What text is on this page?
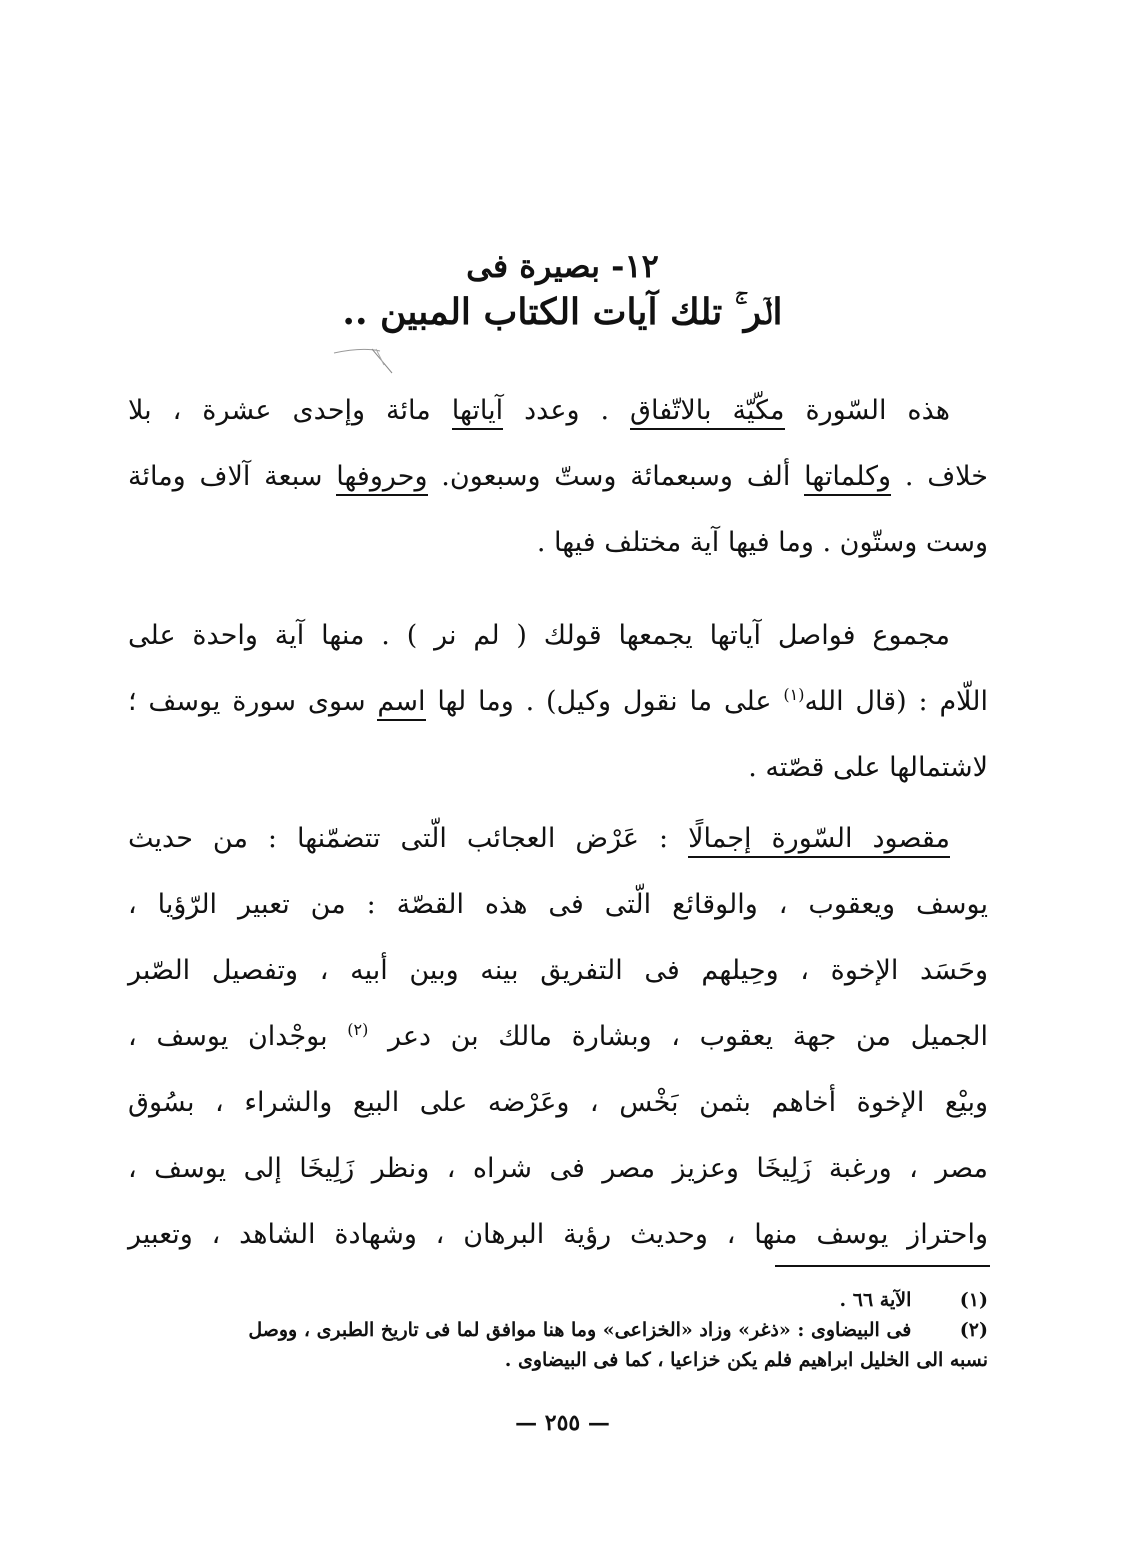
١٢- بصيرة فى
الۤر ۚ تلك آيات الكتاب المبين ..
هذه السّورة مكّيّة بالاتّفاق . وعدد آياتها مائة وإحدى عشرة ، بلا
خلاف . وكلماتها ألف وسبعمائة وستّ وسبعون. وحروفها سبعة آلاف ومائة
وست وستّون . وما فيها آية مختلف فيها .
مجموع فواصل آياتها يجمعها قولك ( لم نر ) . منها آية واحدة على
اللّام : (قال الله$^{(١)}$ على ما نقول وكيل) . وما لها اسم سوى سورة يوسف ؛
لاشتمالها على قصّته .
مقصود السّورة إجمالًا : عَرْض العجائب الّتى تتضمّنها : من حديث
يوسف ويعقوب ، والوقائع الّتى فى هذه القصّة : من تعبير الرّؤيا ،
وحَسَد الإخوة ، وحِيلهم فى التفريق بينه وبين أبيه ، وتفصيل الصّبر
الجميل من جهة يعقوب ، وبشارة مالك بن دعر $^{(٢)}$ بوجْدان يوسف ،
وبيْع الإخوة أخاهم بثمن بَخْس ، وعَرْضه على البيع والشراء ، بسُوق
مصر ، ورغبة زَلِيخَا وعزيز مصر فى شراه ، ونظر زَلِيخَا إلى يوسف ،
واحتراز يوسف منها ، وحديث رؤية البرهان ، وشهادة الشاهد ، وتعبير
(١) الآية ٦٦ .
(٢) فى البيضاوى : «ذغر» وزاد «الخزاعى» وما هنا موافق لما فى تاريخ الطبرى ، ووصل
نسبه الى الخليل ابراهيم فلم يكن خزاعيا ، كما فى البيضاوى .
— ٢٥٥ —
